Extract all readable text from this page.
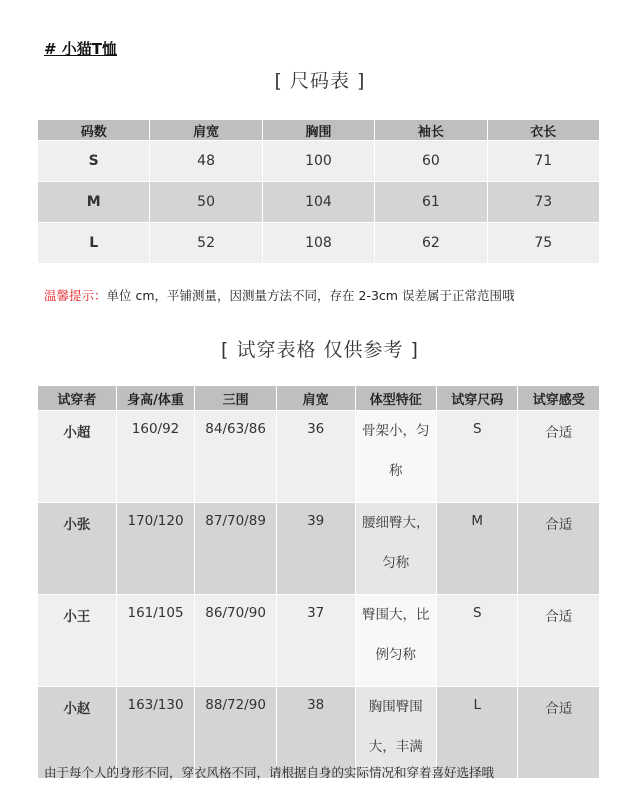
# 小猫T恤
[ 尺码表 ]
码数	肩宽	胸围	袖长	衣长
S	48	100	60	71
M	50	104	61	73
L	52	108	62	75
温馨提示：单位 cm，平铺测量，因测量方法不同，存在 2-3cm 误差属于正常范围哦
[ 试穿表格 仅供参考 ]
试穿者	身高/体重	三围	肩宽	体型特征	试穿尺码	试穿感受
小超	160/92	84/63/86	36	骨架小，匀称	S	合适
小张	170/120	87/70/89	39	腰细臀大，匀称	M	合适
小王	161/105	86/70/90	37	臀围大，比例匀称	S	合适
小赵	163/130	88/72/90	38	胸围臀围大，丰满	L	合适
由于每个人的身形不同，穿衣风格不同，请根据自身的实际情况和穿着喜好选择哦
